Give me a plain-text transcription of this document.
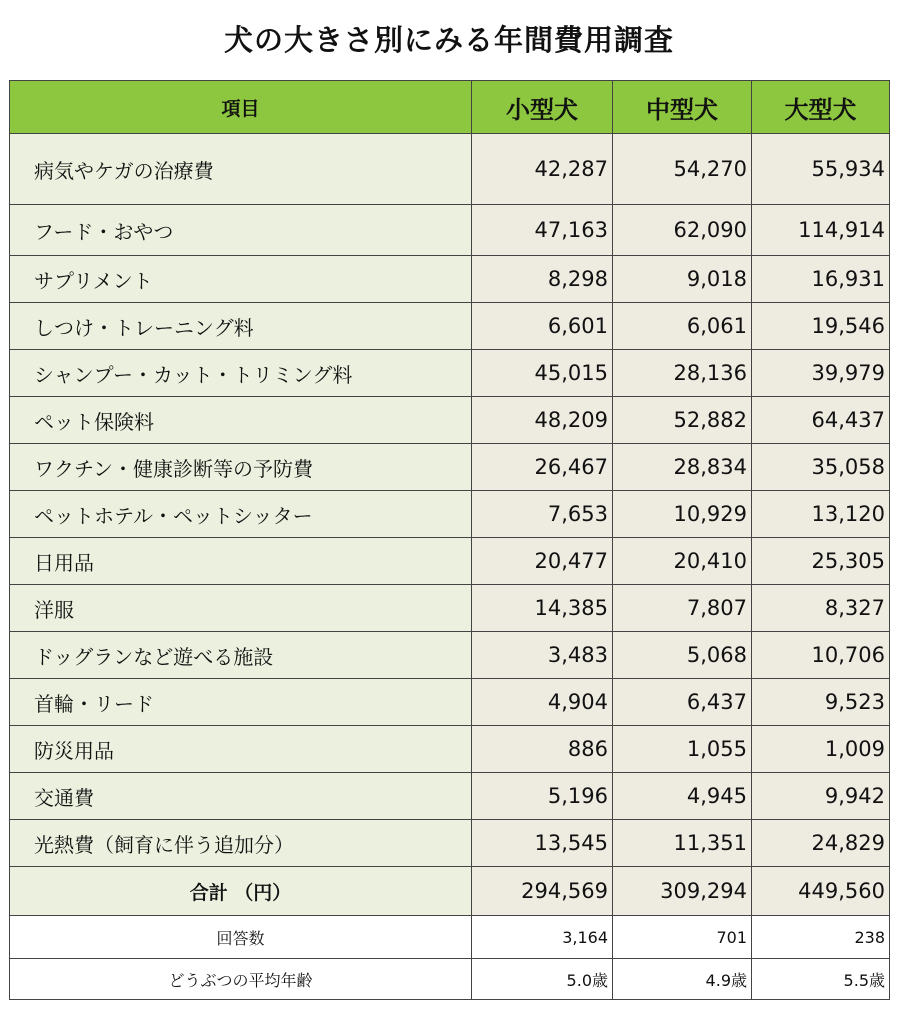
犬の大きさ別にみる年間費用調査
項目	小型犬	中型犬	大型犬
病気やケガの治療費	42,287	54,270	55,934
フード・おやつ	47,163	62,090	114,914
サプリメント	8,298	9,018	16,931
しつけ・トレーニング料	6,601	6,061	19,546
シャンプー・カット・トリミング料	45,015	28,136	39,979
ペット保険料	48,209	52,882	64,437
ワクチン・健康診断等の予防費	26,467	28,834	35,058
ペットホテル・ペットシッター	7,653	10,929	13,120
日用品	20,477	20,410	25,305
洋服	14,385	7,807	8,327
ドッグランなど遊べる施設	3,483	5,068	10,706
首輪・リード	4,904	6,437	9,523
防災用品	886	1,055	1,009
交通費	5,196	4,945	9,942
光熱費（飼育に伴う追加分）	13,545	11,351	24,829
合計 （円）	294,569	309,294	449,560
回答数	3,164	701	238
どうぶつの平均年齢	5.0歳	4.9歳	5.5歳
